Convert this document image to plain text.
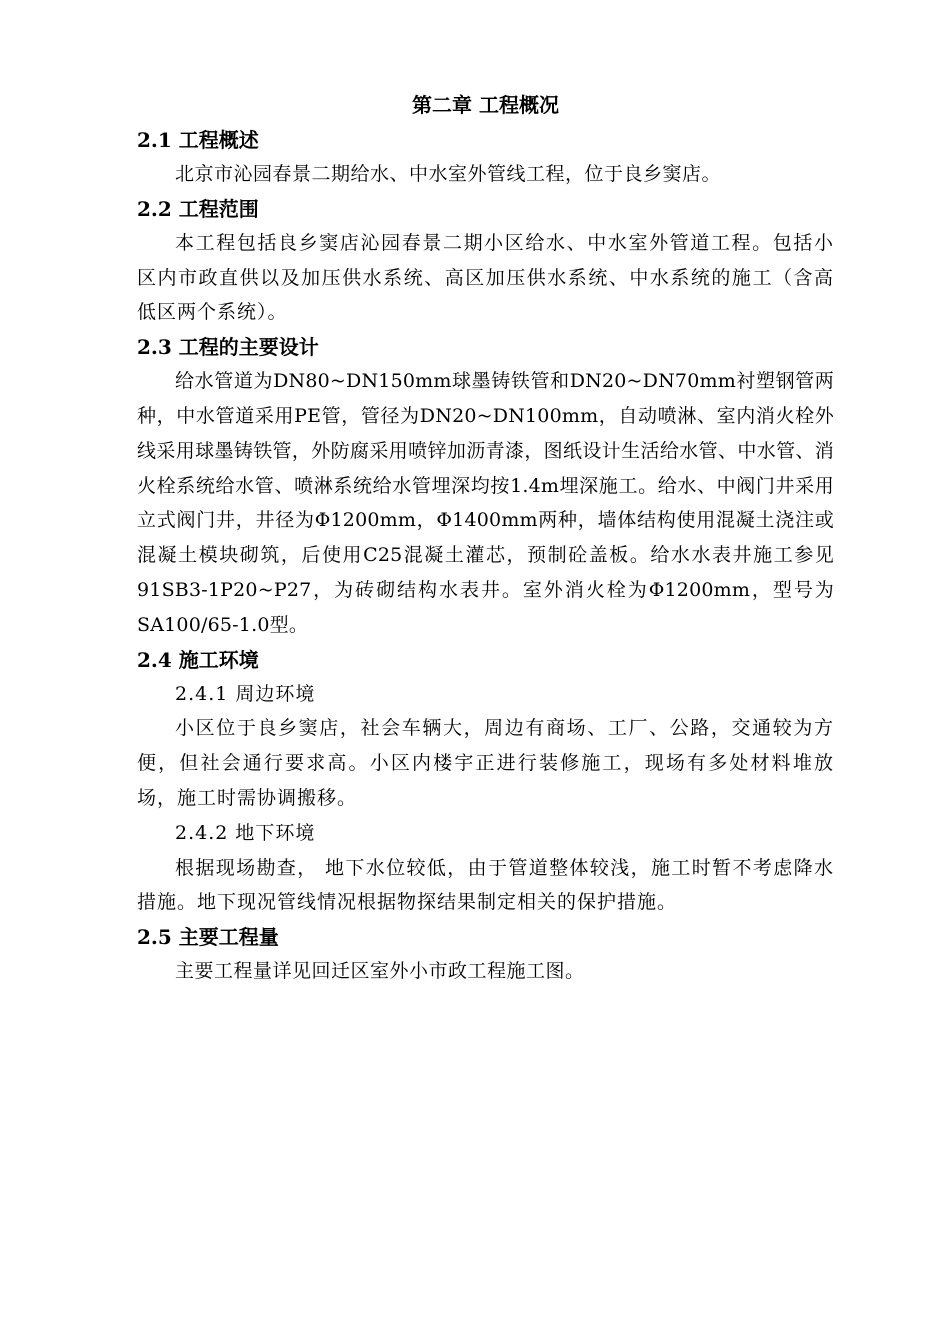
第二章 工程概况
2.1 工程概述

北京市沁园春景二期给水、中水室外管线工程，位于良乡窦店。

2.2 工程范围

本工程包括良乡窦店沁园春景二期小区给水、中水室外管道工程。包括小区内市政直供以及加压供水系统、高区加压供水系统、中水系统的施工（含高低区两个系统）。

2.3 工程的主要设计

给水管道为DN80~DN150mm球墨铸铁管和DN20~DN70mm衬塑钢管两种，中水管道采用PE管，管径为DN20~DN100mm，自动喷淋、室内消火栓外线采用球墨铸铁管，外防腐采用喷锌加沥青漆，图纸设计生活给水管、中水管、消火栓系统给水管、喷淋系统给水管埋深均按1.4m埋深施工。给水、中阀门井采用立式阀门井，井径为Φ1200mm，Φ1400mm两种，墙体结构使用混凝土浇注或混凝土模块砌筑，后使用C25混凝土灌芯，预制砼盖板。给水水表井施工参见91SB3-1P20~P27，为砖砌结构水表井。室外消火栓为Φ1200mm，型号为SA100/65-1.0型。

2.4 施工环境
2.4.1 周边环境

小区位于良乡窦店，社会车辆大，周边有商场、工厂、公路，交通较为方便，但社会通行要求高。小区内楼宇正进行装修施工，现场有多处材料堆放场，施工时需协调搬移。

2.4.2 地下环境

根据现场勘查， 地下水位较低，由于管道整体较浅，施工时暂不考虑降水措施。地下现况管线情况根据物探结果制定相关的保护措施。

2.5 主要工程量

主要工程量详见回迁区室外小市政工程施工图。
